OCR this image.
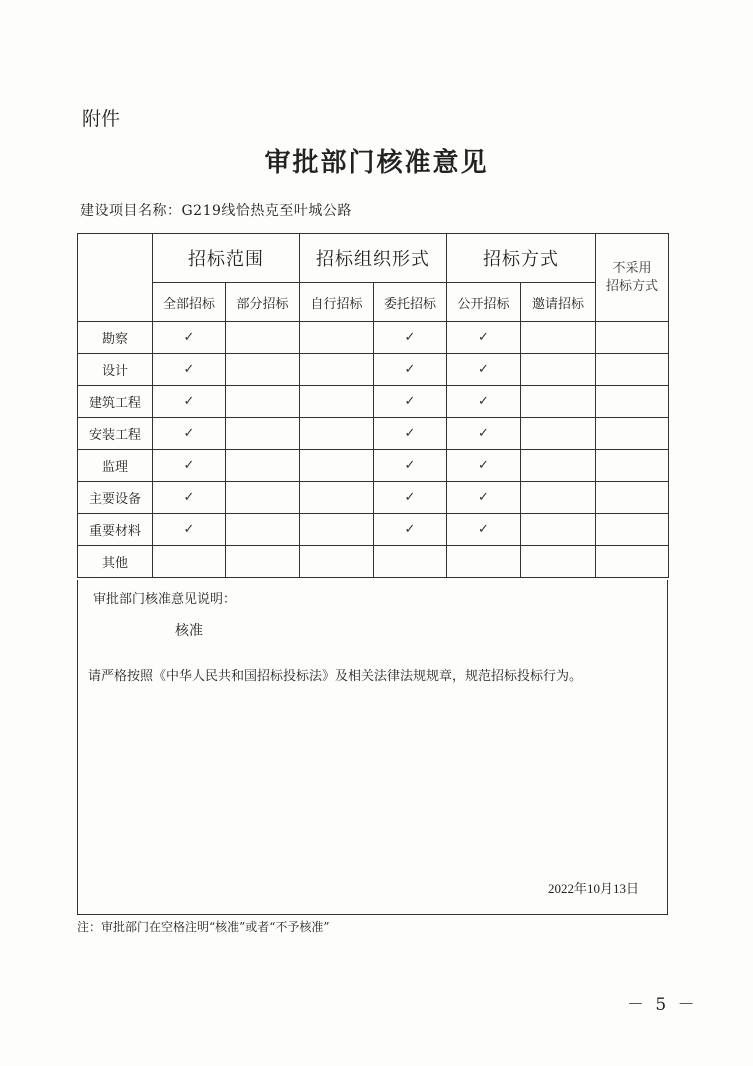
附件
审批部门核准意见
建设项目名称：G219线恰热克至叶城公路
	招标范围		招标组织形式		招标方式		不采用
招标方式

	全部招标	部分招标	自行招标	委托招标	公开招标	邀请招标	
勘察	✓			✓	✓		
设计	✓			✓	✓		
建筑工程	✓			✓	✓		
安装工程	✓			✓	✓		
监理	✓			✓	✓		
主要设备	✓			✓	✓		
重要材料	✓			✓	✓		
其他							
审批部门核准意见说明：
核准
请严格按照《中华人民共和国招标投标法》及相关法律法规规章，规范招标投标行为。
2022年10月13日
注：审批部门在空格注明“核准”或者“不予核准”
－ 5 －
